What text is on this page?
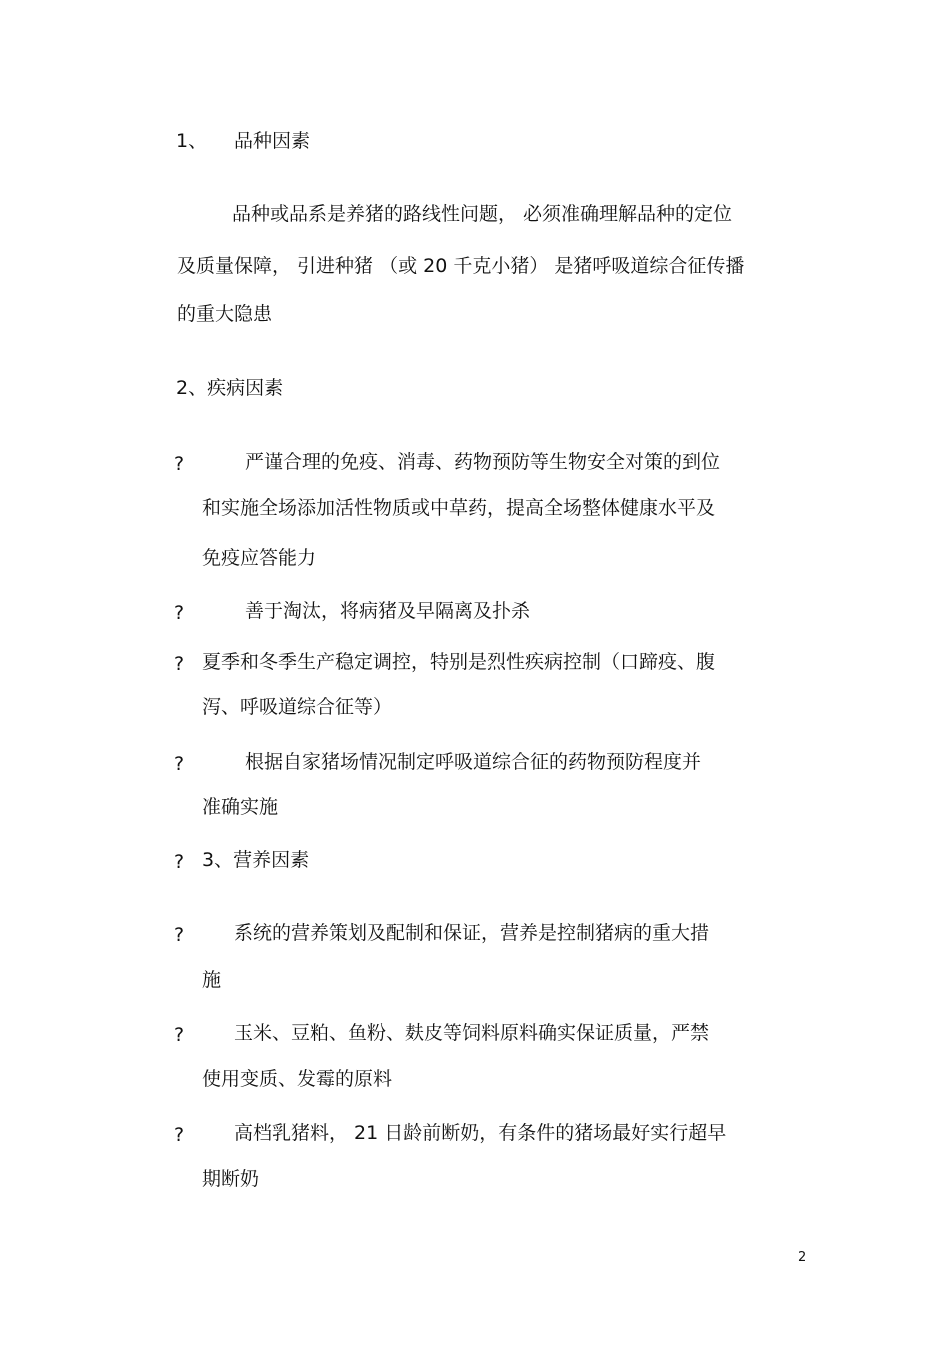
1、 品种因素
品种或品系是养猪的路线性问题， 必须准确理解品种的定位
及质量保障， 引进种猪 （或 20 千克小猪） 是猪呼吸道综合征传播
的重大隐患
2、疾病因素
?	严谨合理的免疫、消毒、药物预防等生物安全对策的到位
和实施全场添加活性物质或中草药，提高全场整体健康水平及
免疫应答能力
?	善于淘汰，将病猪及早隔离及扑杀
? 夏季和冬季生产稳定调控，特别是烈性疾病控制（口蹄疫、腹
泻、呼吸道综合征等）
?	根据自家猪场情况制定呼吸道综合征的药物预防程度并
准确实施
? 3、营养因素
?	系统的营养策划及配制和保证，营养是控制猪病的重大措
施
?	玉米、豆粕、鱼粉、麸皮等饲料原料确实保证质量，严禁
使用变质、发霉的原料
?	高档乳猪料， 21 日龄前断奶，有条件的猪场最好实行超早
期断奶
2
